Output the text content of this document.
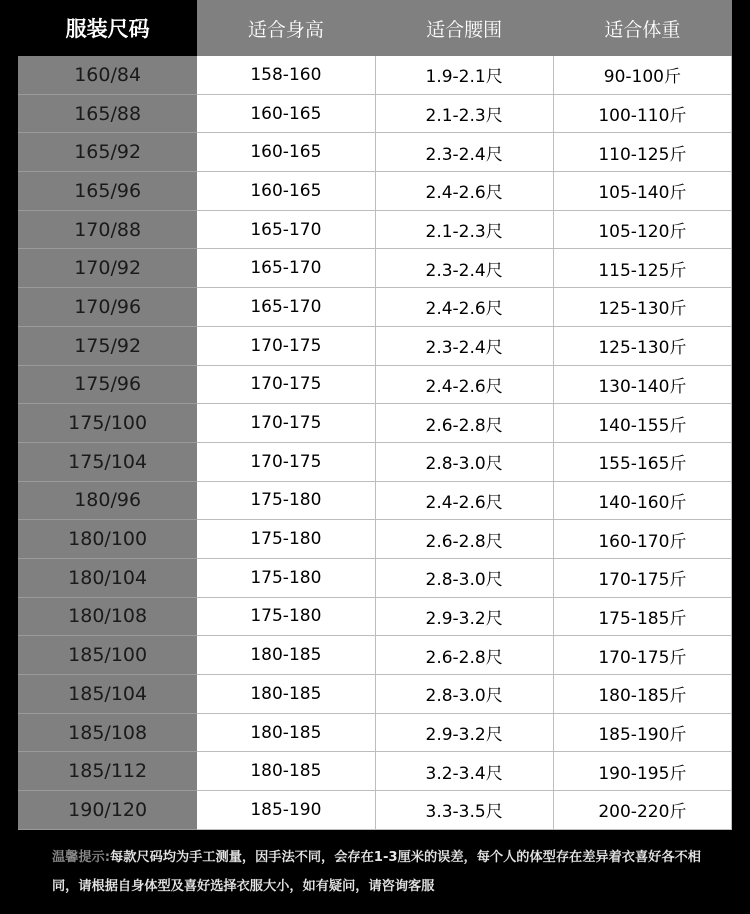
服装尺码	适合身高	适合腰围	适合体重
160/84	158-160	1.9-2.1尺	90-100斤
165/88	160-165	2.1-2.3尺	100-110斤
165/92	160-165	2.3-2.4尺	110-125斤
165/96	160-165	2.4-2.6尺	105-140斤
170/88	165-170	2.1-2.3尺	105-120斤
170/92	165-170	2.3-2.4尺	115-125斤
170/96	165-170	2.4-2.6尺	125-130斤
175/92	170-175	2.3-2.4尺	125-130斤
175/96	170-175	2.4-2.6尺	130-140斤
175/100	170-175	2.6-2.8尺	140-155斤
175/104	170-175	2.8-3.0尺	155-165斤
180/96	175-180	2.4-2.6尺	140-160斤
180/100	175-180	2.6-2.8尺	160-170斤
180/104	175-180	2.8-3.0尺	170-175斤
180/108	175-180	2.9-3.2尺	175-185斤
185/100	180-185	2.6-2.8尺	170-175斤
185/104	180-185	2.8-3.0尺	180-185斤
185/108	180-185	2.9-3.2尺	185-190斤
185/112	180-185	3.2-3.4尺	190-195斤
190/120	185-190	3.3-3.5尺	200-220斤
温馨提示:每款尺码均为手工测量，因手法不同，会存在1-3厘米的误差，每个人的体型存在差异着衣喜好各不相同，请根据自身体型及喜好选择衣服大小，如有疑问，请咨询客服
